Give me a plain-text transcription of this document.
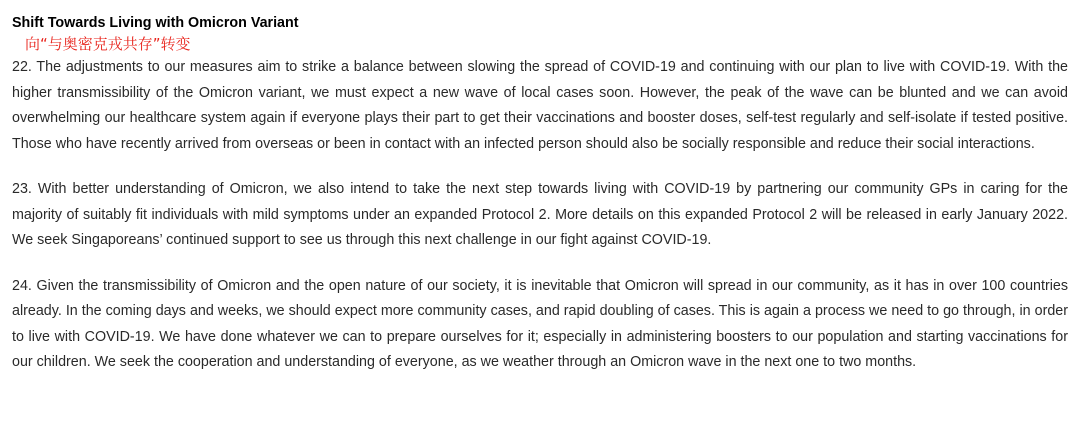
Shift Towards Living with Omicron Variant
向“与奥密克戎共存”转变

22. The adjustments to our measures aim to strike a balance between slowing the spread of COVID-19 and continuing with our plan to live with COVID-19. With the higher transmissibility of the Omicron variant, we must expect a new wave of local cases soon. However, the peak of the wave can be blunted and we can avoid overwhelming our healthcare system again if everyone plays their part to get their vaccinations and booster doses, self-test regularly and self-isolate if tested positive. Those who have recently arrived from overseas or been in contact with an infected person should also be socially responsible and reduce their social interactions.

23. With better understanding of Omicron, we also intend to take the next step towards living with COVID-19 by partnering our community GPs in caring for the majority of suitably fit individuals with mild symptoms under an expanded Protocol 2. More details on this expanded Protocol 2 will be released in early January 2022. We seek Singaporeans’ continued support to see us through this next challenge in our fight against COVID-19.

24. Given the transmissibility of Omicron and the open nature of our society, it is inevitable that Omicron will spread in our community, as it has in over 100 countries already. In the coming days and weeks, we should expect more community cases, and rapid doubling of cases. This is again a process we need to go through, in order to live with COVID-19. We have done whatever we can to prepare ourselves for it; especially in administering boosters to our population and starting vaccinations for our children. We seek the cooperation and understanding of everyone, as we weather through an Omicron wave in the next one to two months.
